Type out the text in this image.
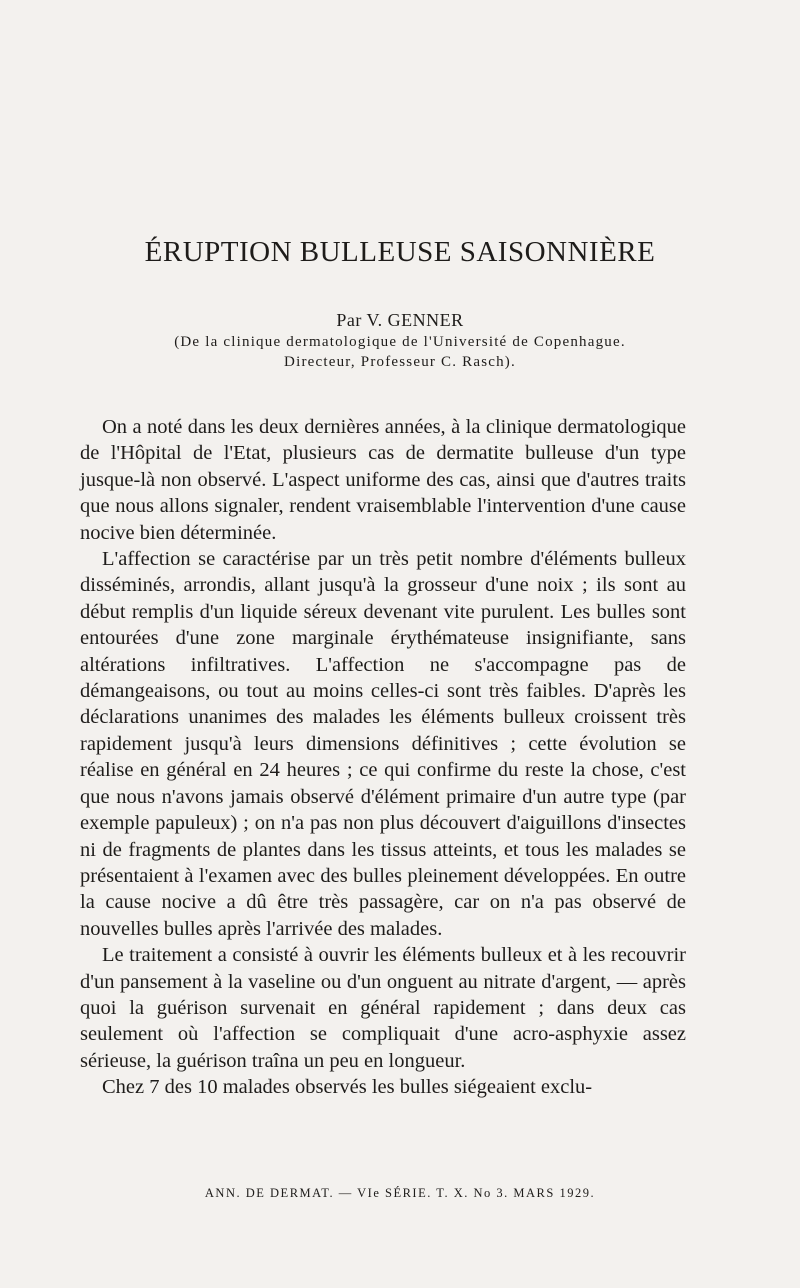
ÉRUPTION BULLEUSE SAISONNIÈRE
Par V. GENNER
(De la clinique dermatologique de l'Université de Copenhague.
Directeur, Professeur C. Rasch).

On a noté dans les deux dernières années, à la clinique dermatologique de l'Hôpital de l'Etat, plusieurs cas de dermatite bulleuse d'un type jusque-là non observé. L'aspect uniforme des cas, ainsi que d'autres traits que nous allons signaler, rendent vraisemblable l'intervention d'une cause nocive bien déterminée.

L'affection se caractérise par un très petit nombre d'éléments bulleux disséminés, arrondis, allant jusqu'à la grosseur d'une noix ; ils sont au début remplis d'un liquide séreux devenant vite purulent. Les bulles sont entourées d'une zone marginale érythémateuse insignifiante, sans altérations infiltratives. L'affection ne s'accompagne pas de démangeaisons, ou tout au moins celles-ci sont très faibles. D'après les déclarations unanimes des malades les éléments bulleux croissent très rapidement jusqu'à leurs dimensions définitives ; cette évolution se réalise en général en 24 heures ; ce qui confirme du reste la chose, c'est que nous n'avons jamais observé d'élément primaire d'un autre type (par exemple papuleux) ; on n'a pas non plus découvert d'aiguillons d'insectes ni de fragments de plantes dans les tissus atteints, et tous les malades se présentaient à l'examen avec des bulles pleinement développées. En outre la cause nocive a dû être très passagère, car on n'a pas observé de nouvelles bulles après l'arrivée des malades.

Le traitement a consisté à ouvrir les éléments bulleux et à les recouvrir d'un pansement à la vaseline ou d'un onguent au nitrate d'argent, — après quoi la guérison survenait en général rapidement ; dans deux cas seulement où l'affection se compliquait d'une acro-asphyxie assez sérieuse, la guérison traîna un peu en longueur.

Chez 7 des 10 malades observés les bulles siégeaient exclu-

ANN. DE DERMAT. — VIe SÉRIE. T. X. No 3. MARS 1929.
